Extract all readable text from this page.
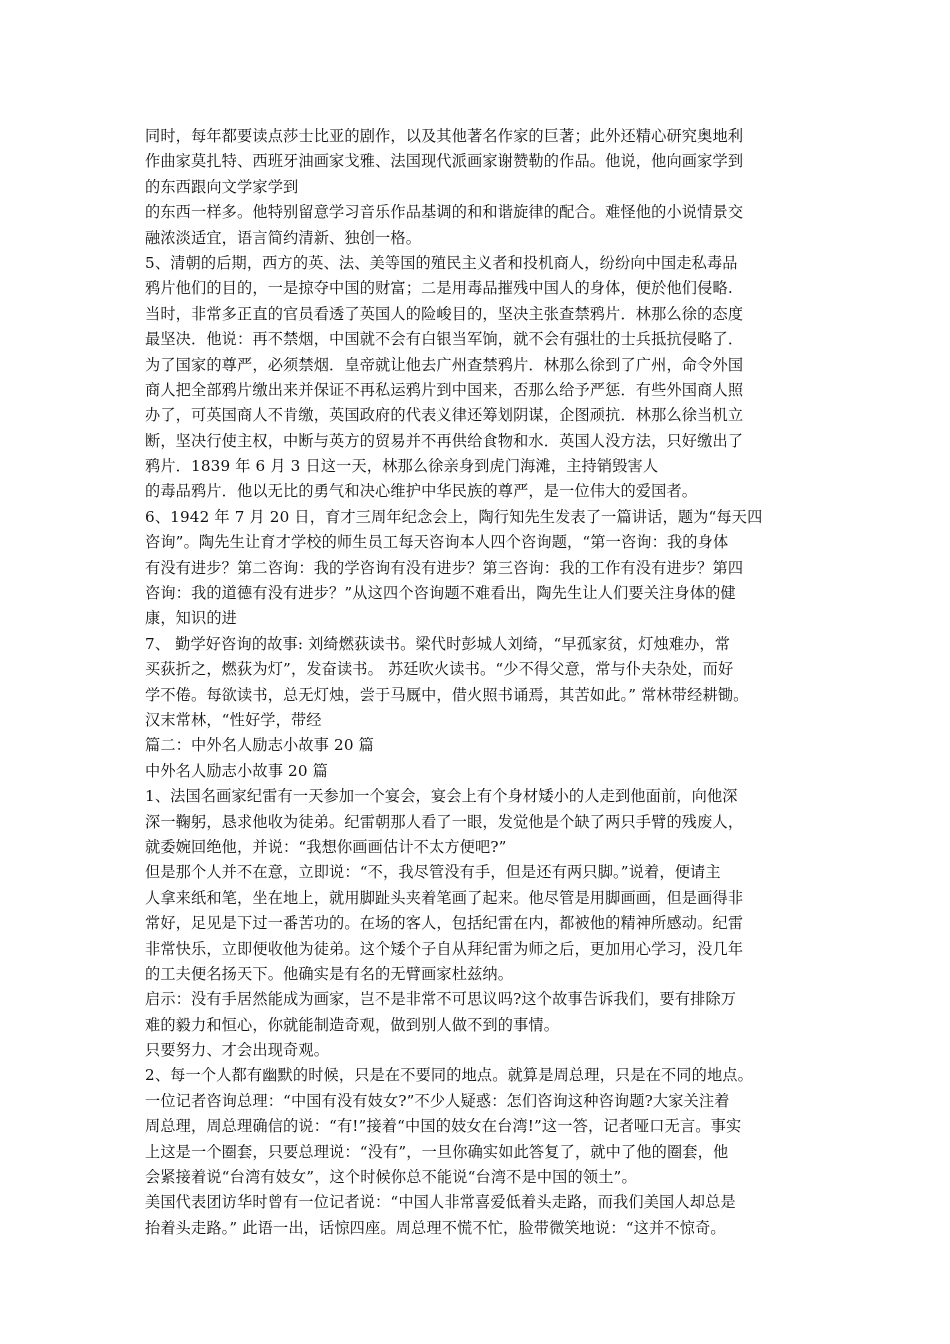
同时，每年都要读点莎士比亚的剧作，以及其他著名作家的巨著；此外还精心研究奥地利
作曲家莫扎特、西班牙油画家戈雅、法国现代派画家谢赞勒的作品。他说，他向画家学到
的东西跟向文学家学到
的东西一样多。他特别留意学习音乐作品基调的和和谐旋律的配合。难怪他的小说情景交
融浓淡适宜，语言简约清新、独创一格。
5、清朝的后期，西方的英、法、美等国的殖民主义者和投机商人，纷纷向中国走私毒品
鸦片他们的目的，一是掠夺中国的财富；二是用毒品摧残中国人的身体，便於他们侵略.
当时，非常多正直的官员看透了英国人的险峻目的，坚决主张查禁鸦片．林那么徐的态度
最坚决．他说：再不禁烟，中国就不会有白银当军饷，就不会有强壮的士兵抵抗侵略了．
为了国家的尊严，必须禁烟．皇帝就让他去广州查禁鸦片．林那么徐到了广州，命令外国
商人把全部鸦片缴出来并保证不再私运鸦片到中国来，否那么给予严惩．有些外国商人照
办了，可英国商人不肯缴，英国政府的代表义律还筹划阴谋，企图顽抗．林那么徐当机立
断，坚决行使主权，中断与英方的贸易并不再供给食物和水．英国人没方法，只好缴出了
鸦片．1839 年 6 月 3 日这一天，林那么徐亲身到虎门海滩，主持销毁害人
的毒品鸦片．他以无比的勇气和决心维护中华民族的尊严，是一位伟大的爱国者。
6、1942 年 7 月 20 日，育才三周年纪念会上，陶行知先生发表了一篇讲话，题为“每天四
咨询”。陶先生让育才学校的师生员工每天咨询本人四个咨询题，“第一咨询：我的身体
有没有进步？第二咨询：我的学咨询有没有进步？第三咨询：我的工作有没有进步？第四
咨询：我的道德有没有进步？”从这四个咨询题不难看出，陶先生让人们要关注身体的健
康，知识的进
7、 勤学好咨询的故事: 刘绮燃荻读书。梁代时彭城人刘绮，“早孤家贫，灯烛难办，常
买荻折之，燃荻为灯”，发奋读书。 苏廷吹火读书。“少不得父意，常与仆夫杂处，而好
学不倦。每欲读书，总无灯烛，尝于马厩中，借火照书诵焉，其苦如此。” 常林带经耕锄。
汉末常林，“性好学，带经
篇二：中外名人励志小故事 20 篇
中外名人励志小故事 20 篇
1、法国名画家纪雷有一天参加一个宴会，宴会上有个身材矮小的人走到他面前，向他深
深一鞠躬，恳求他收为徒弟。纪雷朝那人看了一眼，发觉他是个缺了两只手臂的残废人，
就委婉回绝他，并说：“我想你画画估计不太方便吧?”
但是那个人并不在意，立即说：“不，我尽管没有手，但是还有两只脚。”说着，便请主
人拿来纸和笔，坐在地上，就用脚趾头夹着笔画了起来。他尽管是用脚画画，但是画得非
常好，足见是下过一番苦功的。在场的客人，包括纪雷在内，都被他的精神所感动。纪雷
非常快乐，立即便收他为徒弟。这个矮个子自从拜纪雷为师之后，更加用心学习，没几年
的工夫便名扬天下。他确实是有名的无臂画家杜兹纳。
启示：没有手居然能成为画家，岂不是非常不可思议吗?这个故事告诉我们，要有排除万
难的毅力和恒心，你就能制造奇观，做到别人做不到的事情。
只要努力、才会出现奇观。
2、每一个人都有幽默的时候，只是在不要同的地点。就算是周总理，只是在不同的地点。
一位记者咨询总理：“中国有没有妓女?”不少人疑惑：怎们咨询这种咨询题?大家关注着
周总理，周总理确信的说：“有!”接着“中国的妓女在台湾!”这一答，记者哑口无言。事实
上这是一个圈套，只要总理说：“没有”，一旦你确实如此答复了，就中了他的圈套，他
会紧接着说“台湾有妓女”，这个时候你总不能说“台湾不是中国的领土”。
美国代表团访华时曾有一位记者说：“中国人非常喜爱低着头走路，而我们美国人却总是
抬着头走路。” 此语一出，话惊四座。周总理不慌不忙，脸带微笑地说：“这并不惊奇。
